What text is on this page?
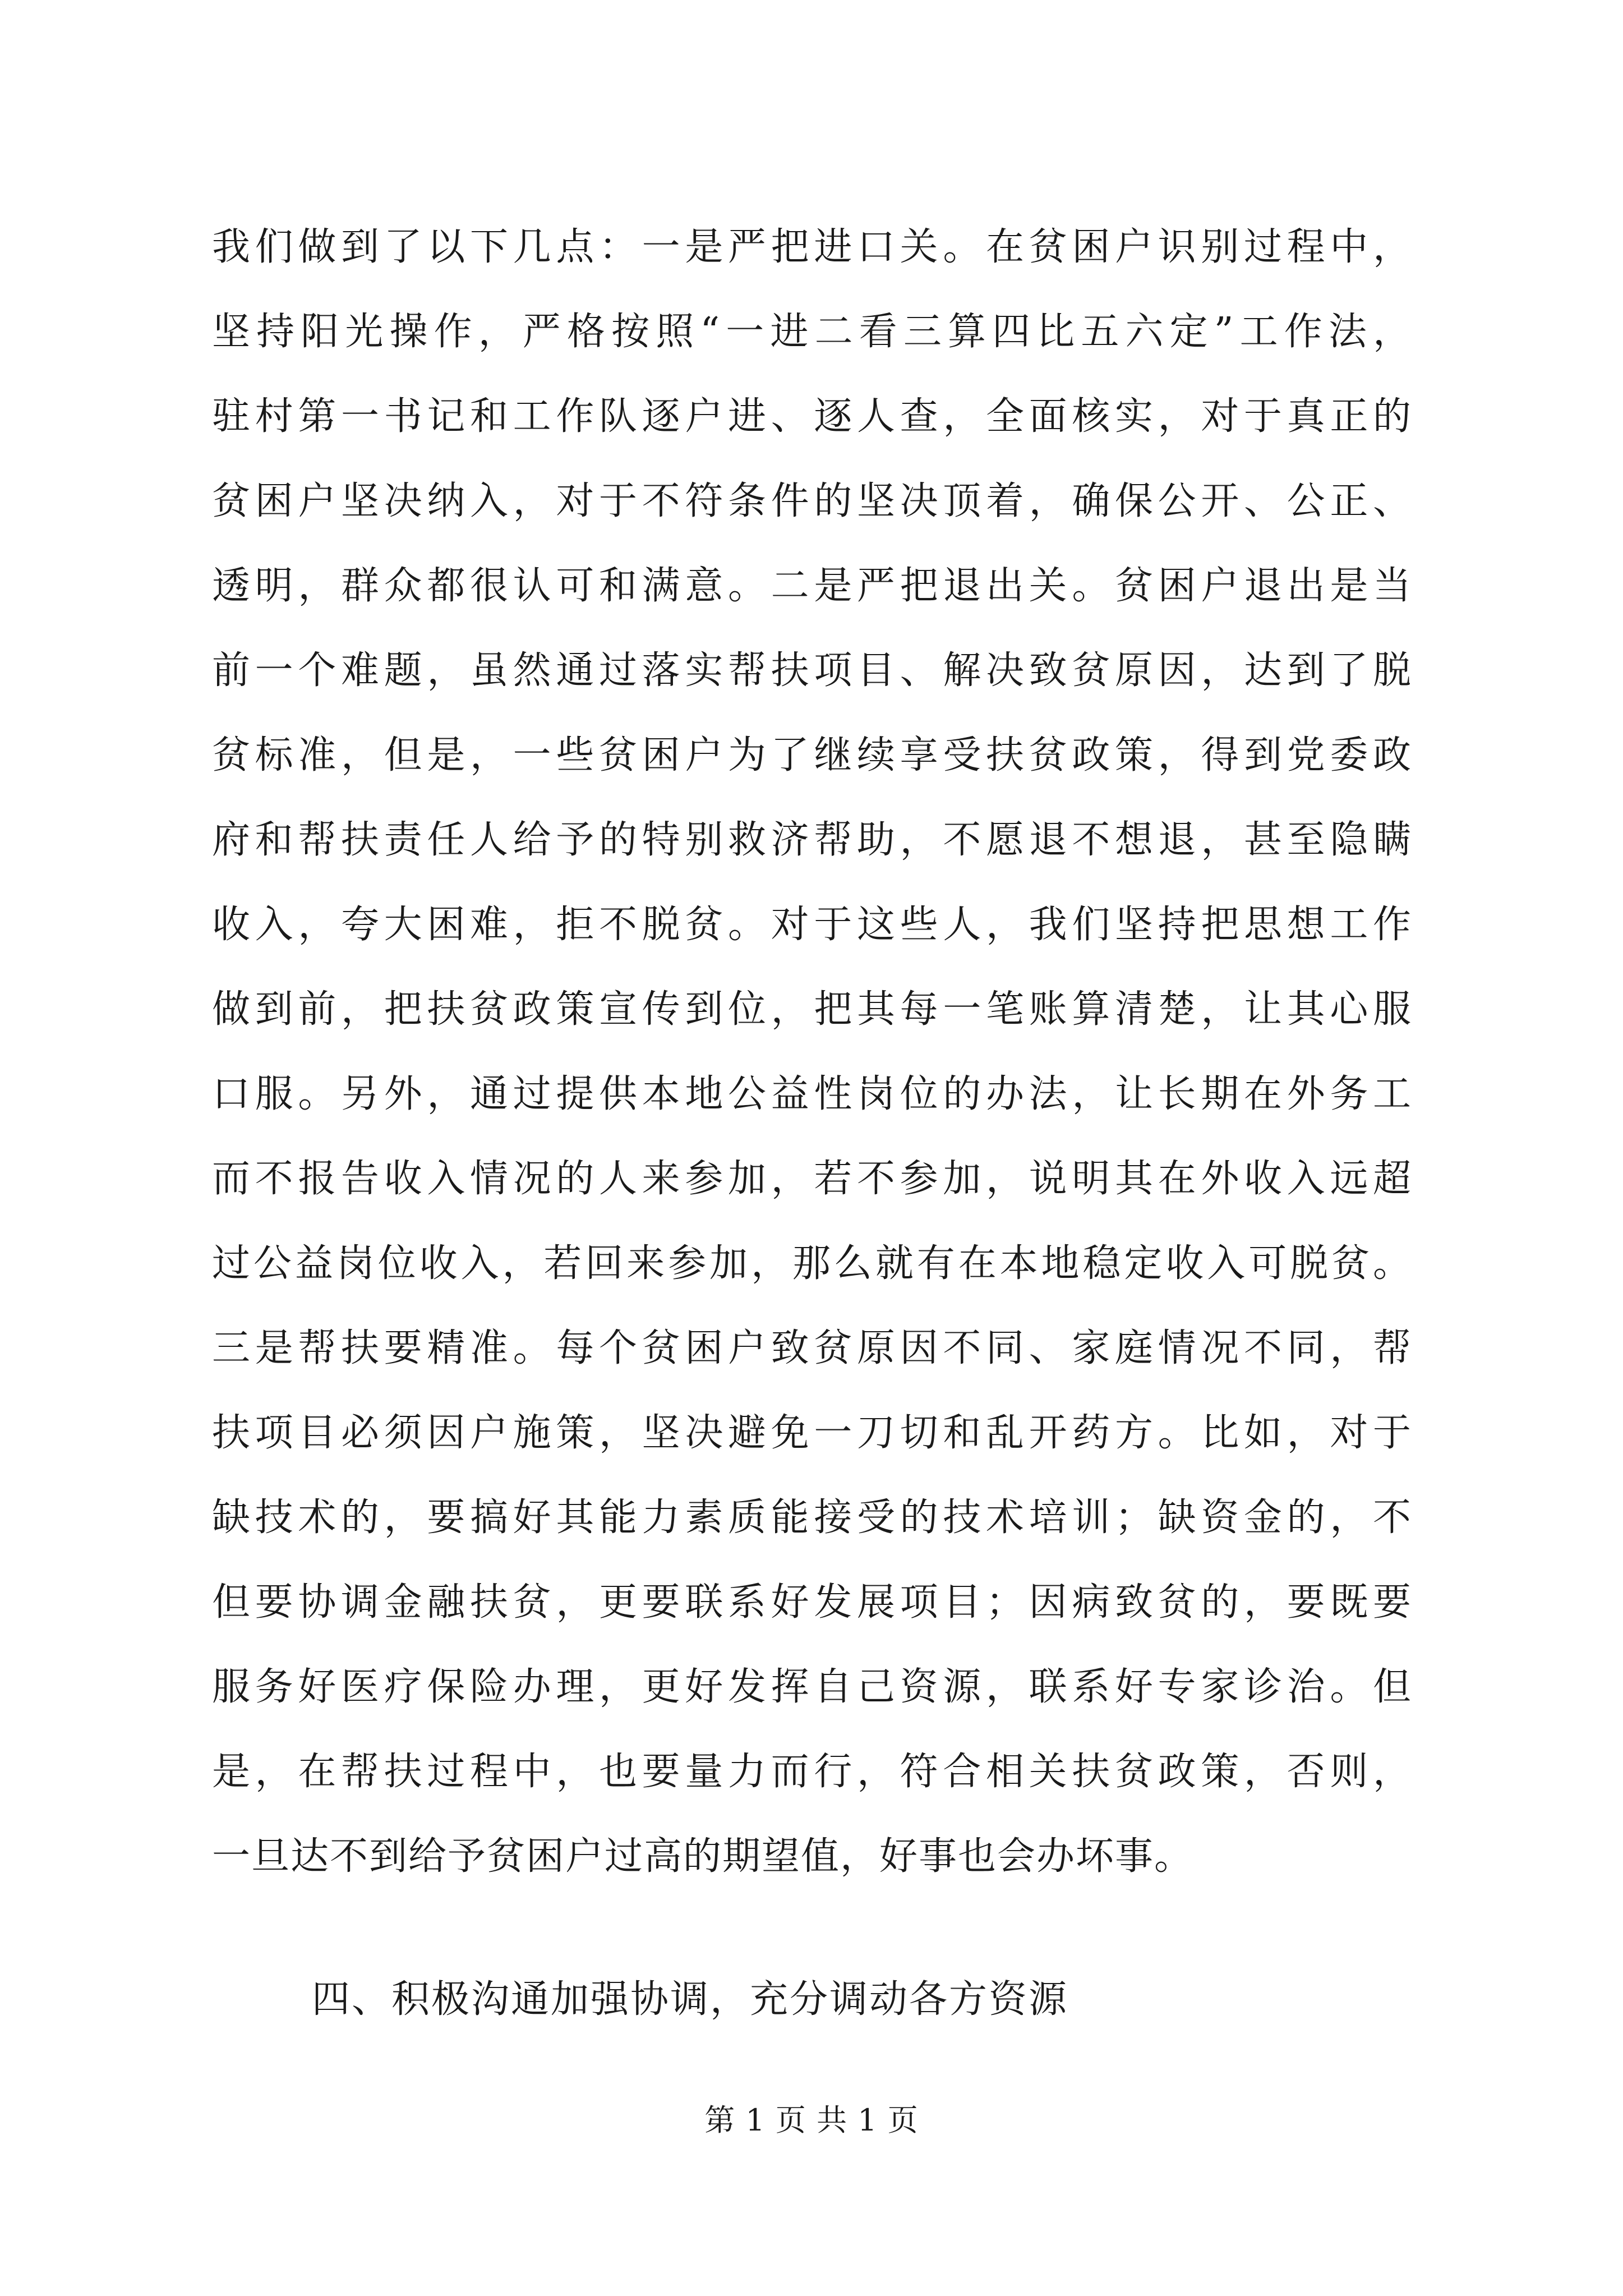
我们做到了以下几点：一是严把进口关。在贫困户识别过程中，
坚持阳光操作，严格按照“一进二看三算四比五六定”工作法，
驻村第一书记和工作队逐户进、逐人查，全面核实，对于真正的
贫困户坚决纳入，对于不符条件的坚决顶着，确保公开、公正、
透明，群众都很认可和满意。二是严把退出关。贫困户退出是当
前一个难题，虽然通过落实帮扶项目、解决致贫原因，达到了脱
贫标准，但是，一些贫困户为了继续享受扶贫政策，得到党委政
府和帮扶责任人给予的特别救济帮助，不愿退不想退，甚至隐瞒
收入，夸大困难，拒不脱贫。对于这些人，我们坚持把思想工作
做到前，把扶贫政策宣传到位，把其每一笔账算清楚，让其心服
口服。另外，通过提供本地公益性岗位的办法，让长期在外务工
而不报告收入情况的人来参加，若不参加，说明其在外收入远超
过公益岗位收入，若回来参加，那么就有在本地稳定收入可脱贫。
三是帮扶要精准。每个贫困户致贫原因不同、家庭情况不同，帮
扶项目必须因户施策，坚决避免一刀切和乱开药方。比如，对于
缺技术的，要搞好其能力素质能接受的技术培训；缺资金的，不
但要协调金融扶贫，更要联系好发展项目；因病致贫的，要既要
服务好医疗保险办理，更好发挥自己资源，联系好专家诊治。但
是，在帮扶过程中，也要量力而行，符合相关扶贫政策，否则，
一旦达不到给予贫困户过高的期望值，好事也会办坏事。
四、积极沟通加强协调，充分调动各方资源
第 1 页 共 1 页
